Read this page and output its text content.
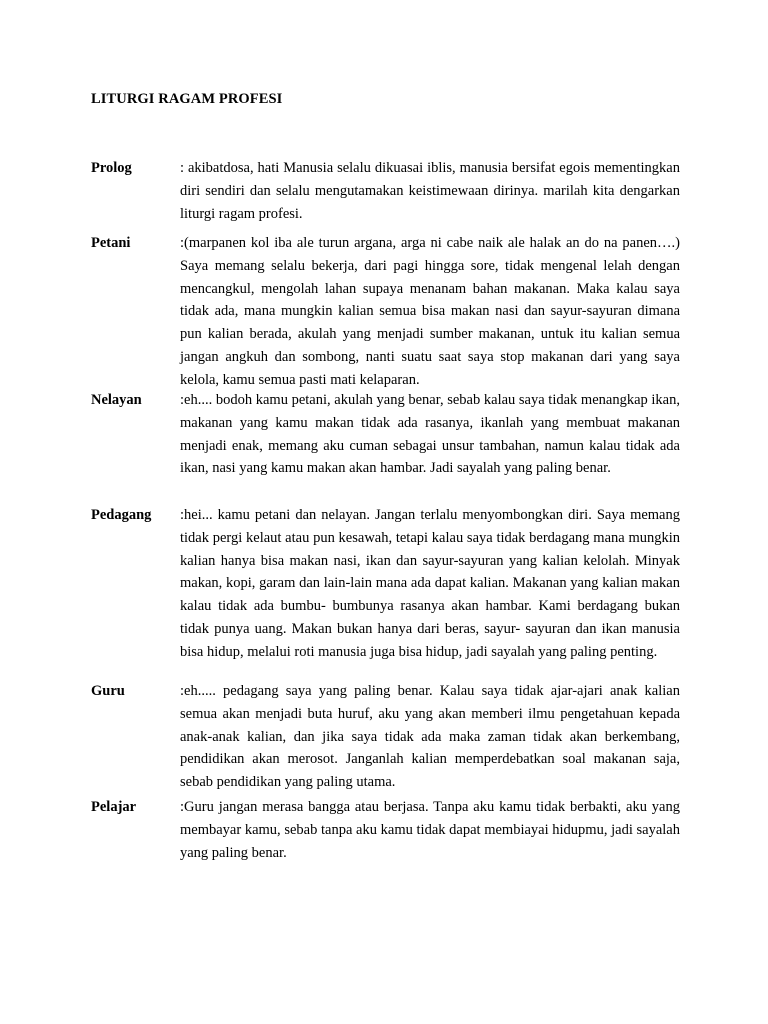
LITURGI RAGAM PROFESI
Prolog	: akibatdosa, hati Manusia selalu dikuasai iblis, manusia bersifat egois mementingkan diri sendiri dan selalu mengutamakan keistimewaan dirinya. marilah kita dengarkan liturgi ragam profesi.

Petani	:(marpanen kol iba ale turun argana, arga ni cabe naik ale halak an do na panen….) Saya memang selalu bekerja, dari pagi hingga sore, tidak mengenal lelah dengan mencangkul, mengolah lahan supaya menanam bahan makanan. Maka kalau saya tidak ada, mana mungkin kalian semua bisa makan nasi dan sayur-sayuran dimana pun kalian berada, akulah yang menjadi sumber makanan, untuk itu kalian semua jangan angkuh dan sombong, nanti suatu saat saya stop makanan dari yang saya kelola, kamu semua pasti mati kelaparan.

Nelayan	:eh.... bodoh kamu petani, akulah yang benar, sebab kalau saya tidak menangkap ikan, makanan yang kamu makan tidak ada rasanya, ikanlah yang membuat makanan menjadi enak, memang aku cuman sebagai unsur tambahan, namun kalau tidak ada ikan, nasi yang kamu makan akan hambar. Jadi sayalah yang paling benar.

Pedagang :hei... kamu petani dan nelayan. Jangan terlalu menyombongkan diri. Saya memang tidak pergi kelaut atau pun kesawah, tetapi kalau saya tidak berdagang mana mungkin kalian hanya bisa makan nasi, ikan dan sayur-sayuran yang kalian kelolah. Minyak makan, kopi, garam dan lain-lain mana ada dapat kalian. Makanan yang kalian makan kalau tidak ada bumbu- bumbunya rasanya akan hambar. Kami berdagang bukan tidak punya uang. Makan bukan hanya dari beras, sayur- sayuran dan ikan manusia bisa hidup, melalui roti manusia juga bisa hidup, jadi sayalah yang paling penting.

Guru	:eh..... pedagang saya yang paling benar. Kalau saya tidak ajar-ajari anak kalian semua akan menjadi buta huruf, aku yang akan memberi ilmu pengetahuan kepada anak-anak kalian, dan jika saya tidak ada maka zaman tidak akan berkembang, pendidikan akan merosot. Janganlah kalian memperdebatkan soal makanan saja, sebab pendidikan yang paling utama.

Pelajar	:Guru jangan merasa bangga atau berjasa. Tanpa aku kamu tidak berbakti, aku yang membayar kamu, sebab tanpa aku kamu tidak dapat membiayai hidupmu, jadi sayalah yang paling benar.
